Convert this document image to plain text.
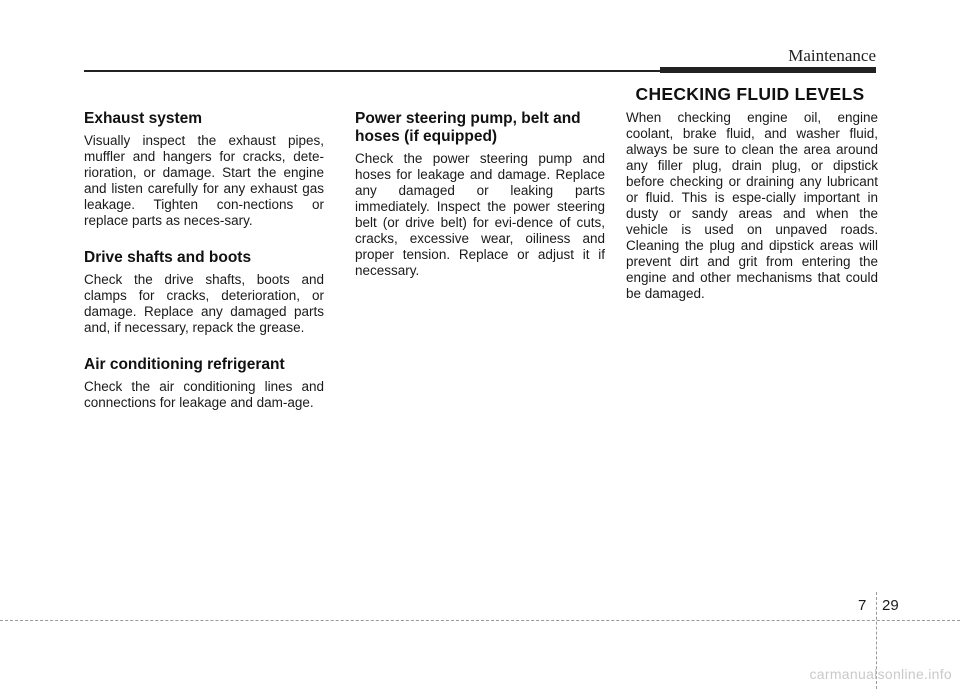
Maintenance
Exhaust system

Visually inspect the exhaust pipes, muffler and hangers for cracks, dete-rioration, or damage. Start the engine and listen carefully for any exhaust gas leakage. Tighten con-nections or replace parts as neces-sary.

Drive shafts and boots

Check the drive shafts, boots and clamps for cracks, deterioration, or damage. Replace any damaged parts and, if necessary, repack the grease.

Air conditioning refrigerant

Check the air conditioning lines and connections for leakage and dam-age.

Power steering pump, belt and hoses (if equipped)

Check the power steering pump and hoses for leakage and damage. Replace any damaged or leaking parts immediately. Inspect the power steering belt (or drive belt) for evi-dence of cuts, cracks, excessive wear, oiliness and proper tension. Replace or adjust it if necessary.

CHECKING FLUID LEVELS

When checking engine oil, engine coolant, brake fluid, and washer fluid, always be sure to clean the area around any filler plug, drain plug, or dipstick before checking or draining any lubricant or fluid. This is espe-cially important in dusty or sandy areas and when the vehicle is used on unpaved roads. Cleaning the plug and dipstick areas will prevent dirt and grit from entering the engine and other mechanisms that could be damaged.

7 29
carmanualsonline.info
